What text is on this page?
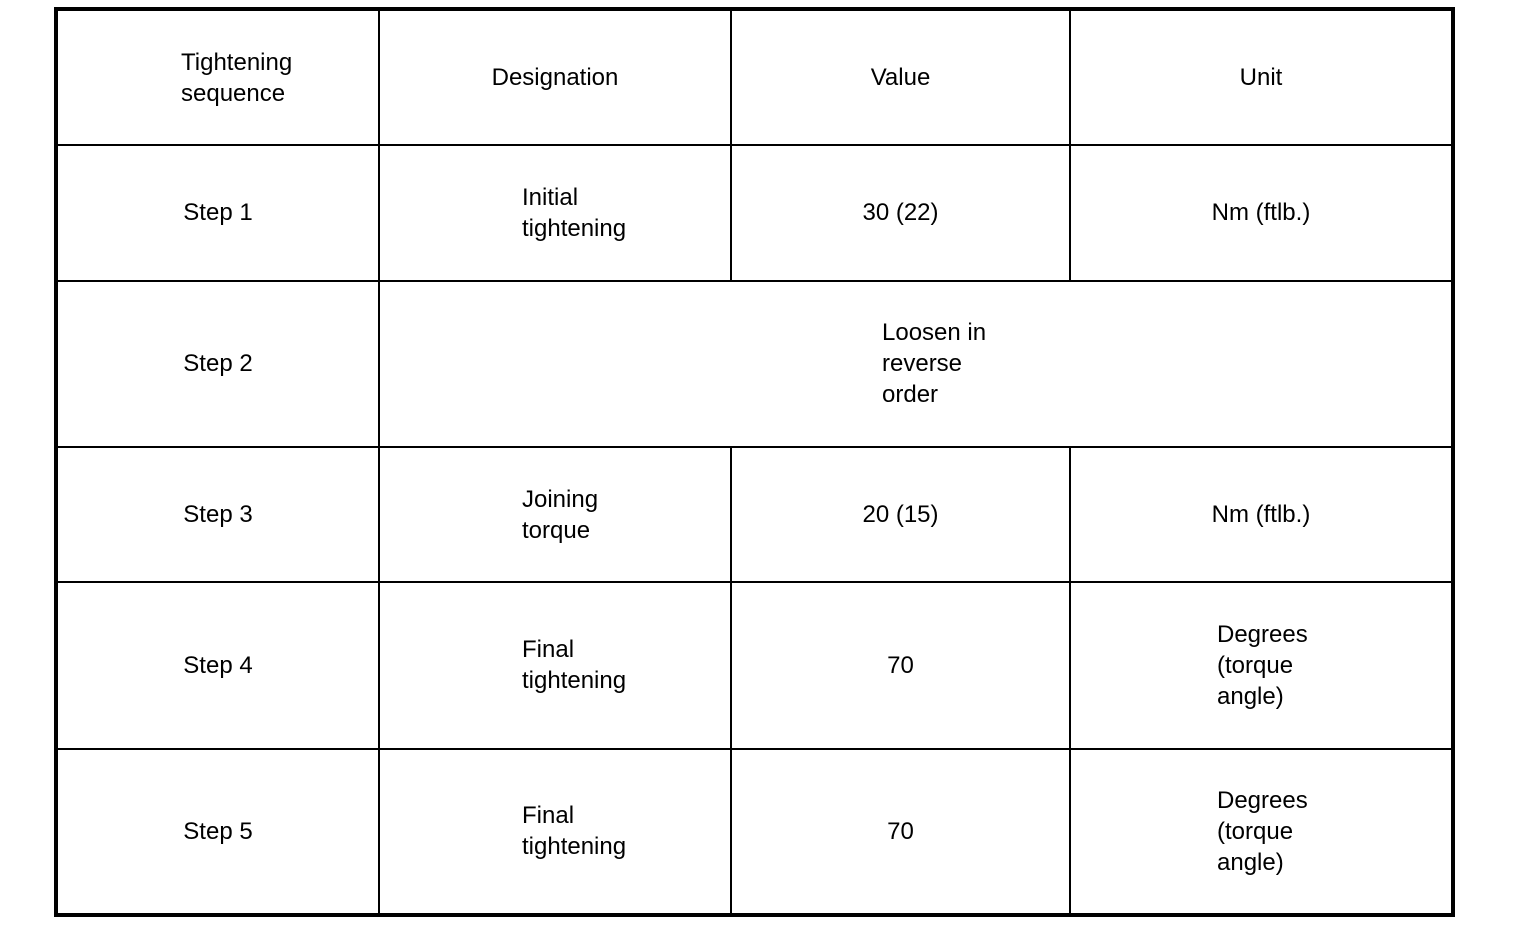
Tightening sequence	Designation	Value	Unit

Step 1	Initial tightening	30 (22)	Nm (ftlb.)

Step 2	Loosen in reverse order		

Step 3	Joining torque	20 (15)	Nm (ftlb.)

Step 4	Final tightening	70	Degrees (torque angle)

Step 5	Final tightening	70	Degrees (torque angle)
